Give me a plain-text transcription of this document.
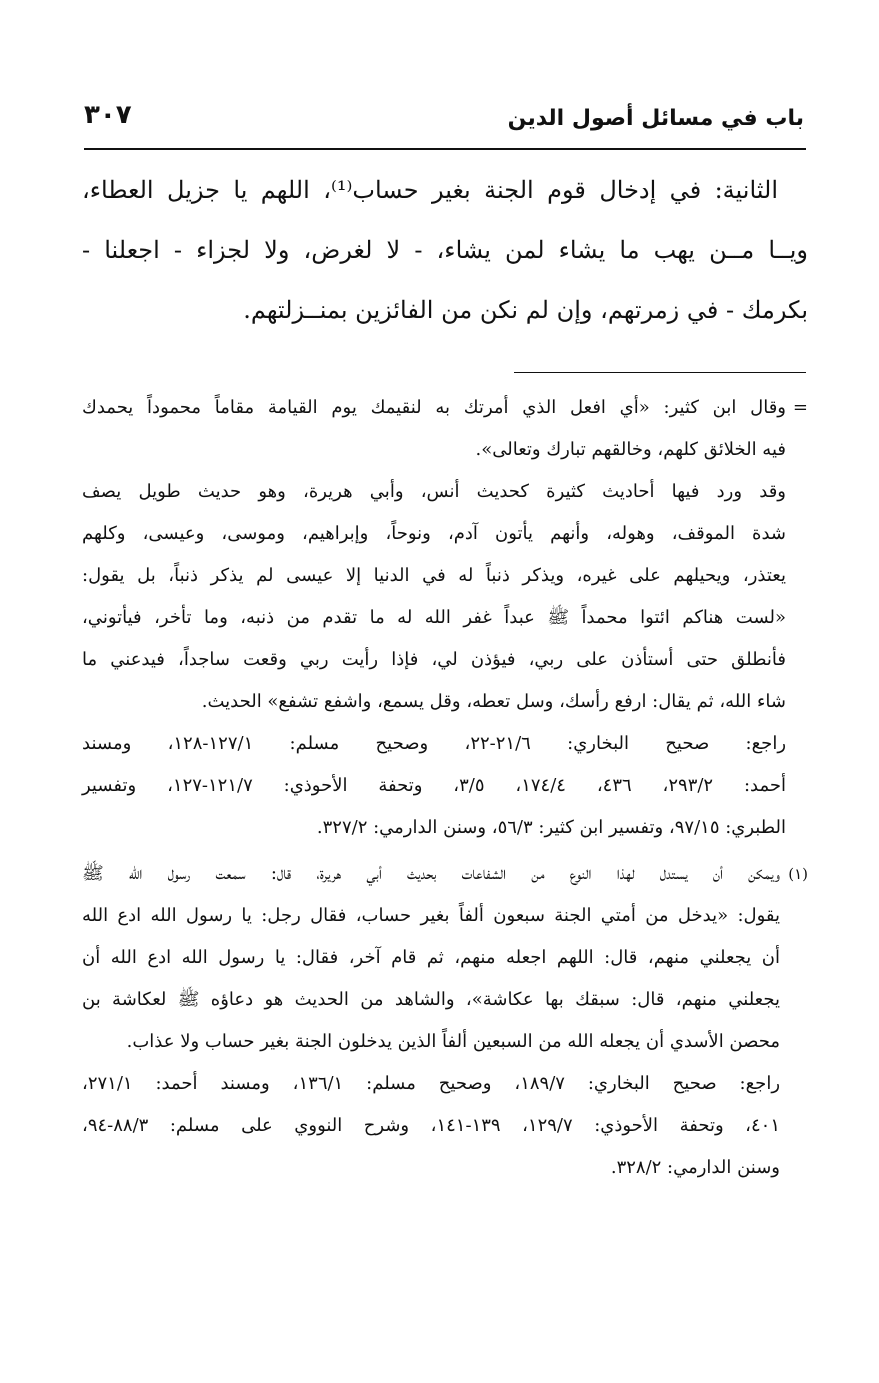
باب في مسائل أصول الدين
٣٠٧
الثانية: في إدخال قوم الجنة بغير حساب⁽¹⁾، اللهم يا جزيل العطاء،
ويــا مــن يهب ما يشاء لمن يشاء، - لا لغرض، ولا لجزاء - اجعلنا -
بكرمك - في زمرتهم، وإن لم نكن من الفائزين بمنــزلتهم.
=
وقال ابن كثير: «أي افعل الذي أمرتك به لنقيمك يوم القيامة مقاماً محموداً يحمدك
فيه الخلائق كلهم، وخالقهم تبارك وتعالى».
وقد ورد فيها أحاديث كثيرة كحديث أنس، وأبي هريرة، وهو حديث طويل يصف
شدة الموقف، وهوله، وأنهم يأتون آدم، ونوحاً، وإبراهيم، وموسى، وعيسى، وكلهم
يعتذر، ويحيلهم على غيره، ويذكر ذنباً له في الدنيا إلا عيسى لم يذكر ذنباً، بل يقول:
«لست هناكم ائتوا محمداً ﷺ عبداً غفر الله له ما تقدم من ذنبه، وما تأخر، فيأتوني،
فأنطلق حتى أستأذن على ربي، فيؤذن لي، فإذا رأيت ربي وقعت ساجداً، فيدعني ما
شاء الله، ثم يقال: ارفع رأسك، وسل تعطه، وقل يسمع، واشفع تشفع» الحديث.
راجع: صحيح البخاري: ٢١/٦-٢٢، وصحيح مسلم: ١٢٧/١-١٢٨، ومسند
أحمد: ٢٩٣/٢، ٤٣٦، ١٧٤/٤، ٣/٥، وتحفة الأحوذي: ١٢١/٧-١٢٧، وتفسير
الطبري: ٩٧/١٥، وتفسير ابن كثير: ٥٦/٣، وسنن الدارمي: ٣٢٧/٢.
(١)
ويمكن أن يستدل لهذا النوع من الشفاعات بحديث أبي هريرة، قال: سمعت رسول الله ﷺ
يقول: «يدخل من أمتي الجنة سبعون ألفاً بغير حساب، فقال رجل: يا رسول الله ادع الله
أن يجعلني منهم، قال: اللهم اجعله منهم، ثم قام آخر، فقال: يا رسول الله ادع الله أن
يجعلني منهم، قال: سبقك بها عكاشة»، والشاهد من الحديث هو دعاؤه ﷺ لعكاشة بن
محصن الأسدي أن يجعله الله من السبعين ألفاً الذين يدخلون الجنة بغير حساب ولا عذاب.
راجع: صحيح البخاري: ١٨٩/٧، وصحيح مسلم: ١٣٦/١، ومسند أحمد: ٢٧١/١،
٤٠١، وتحفة الأحوذي: ١٢٩/٧، ١٣٩-١٤١، وشرح النووي على مسلم: ٨٨/٣-٩٤،
وسنن الدارمي: ٣٢٨/٢.
